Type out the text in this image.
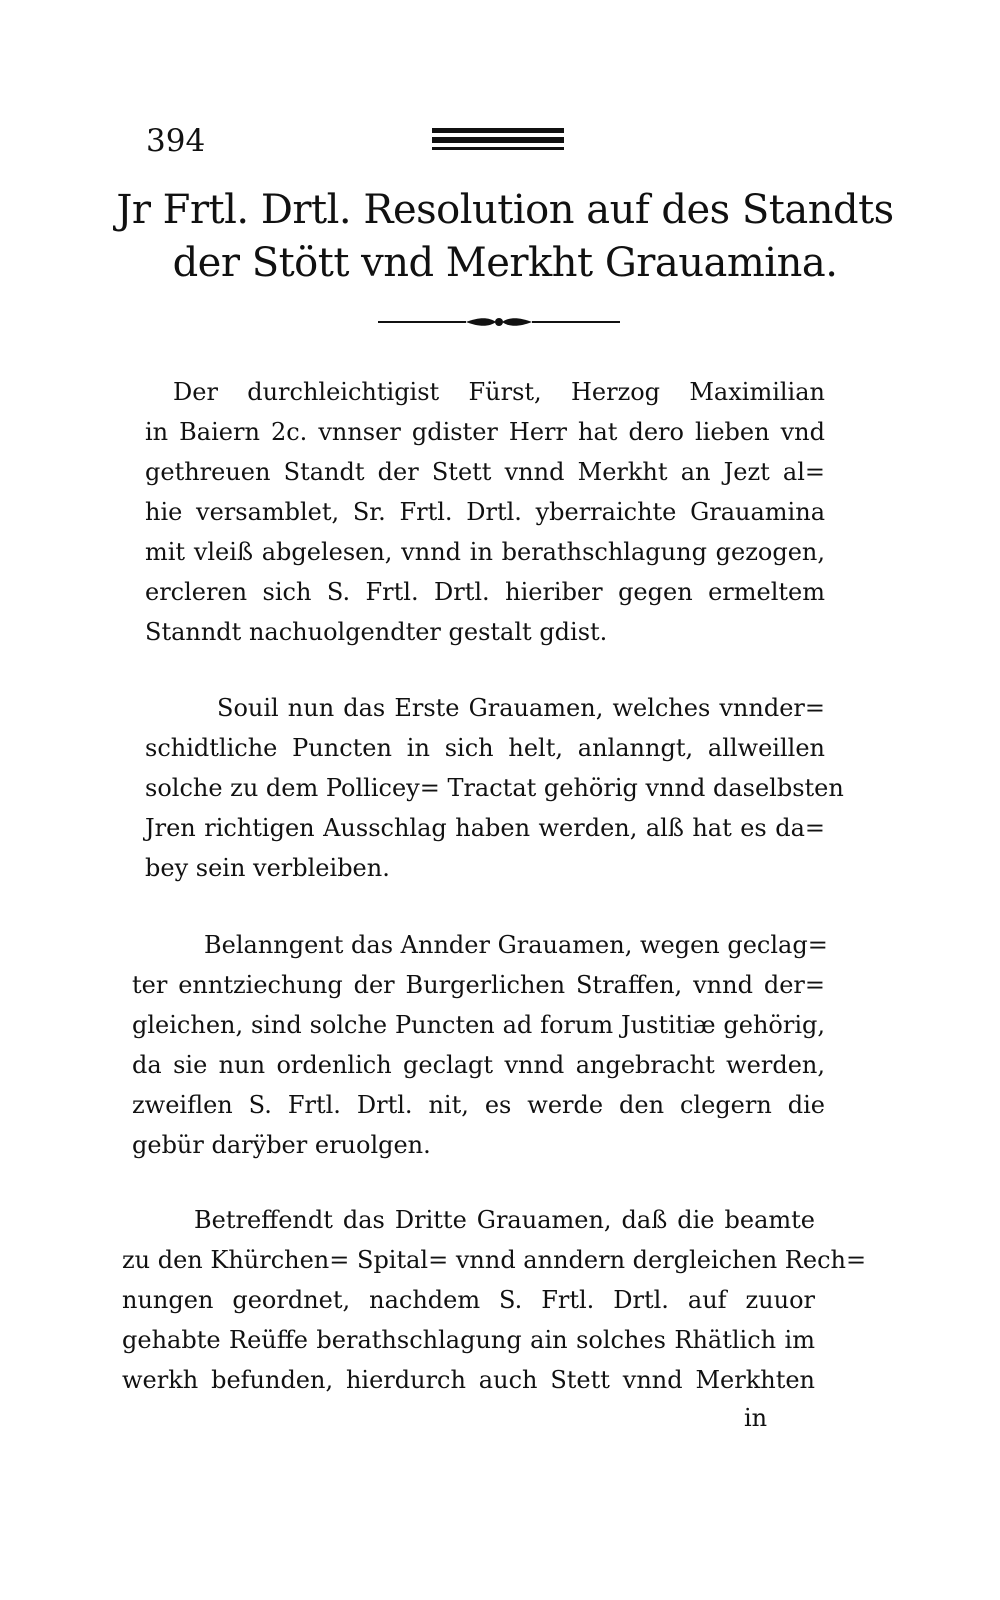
394
Jr Frtl. Drtl. Resolution auf des Standts
der Stött vnd Merkht Grauamina.
Der durchleichtigist Fürst, Herzog Maximilian
in Baiern 2c. vnnser gdister Herr hat dero lieben vnd
gethreuen Standt der Stett vnnd Merkht an Jezt al=
hie versamblet, Sr. Frtl. Drtl. yberraichte Grauamina
mit vleiß abgelesen, vnnd in berathschlagung gezogen,
ercleren sich S. Frtl. Drtl. hieriber gegen ermeltem
Stanndt nachuolgendter gestalt gdist.
Souil nun das Erste Grauamen, welches vnnder=
schidtliche Puncten in sich helt, anlanngt, allweillen
solche zu dem Pollicey= Tractat gehörig vnnd daselbsten
Jren richtigen Ausschlag haben werden, alß hat es da=
bey sein verbleiben.
Belanngent das Annder Grauamen, wegen geclag=
ter enntziechung der Burgerlichen Straffen, vnnd der=
gleichen, sind solche Puncten ad forum Justitiæ gehörig,
da sie nun ordenlich geclagt vnnd angebracht werden,
zweiflen S. Frtl. Drtl. nit, es werde den clegern die
gebür darÿber eruolgen.
Betreffendt das Dritte Grauamen, daß die beamte
zu den Khürchen= Spital= vnnd anndern dergleichen Rech=
nungen geordnet, nachdem S. Frtl. Drtl. auf zuuor
gehabte Reüffe berathschlagung ain solches Rhätlich im
werkh befunden, hierdurch auch Stett vnnd Merkhten
in
